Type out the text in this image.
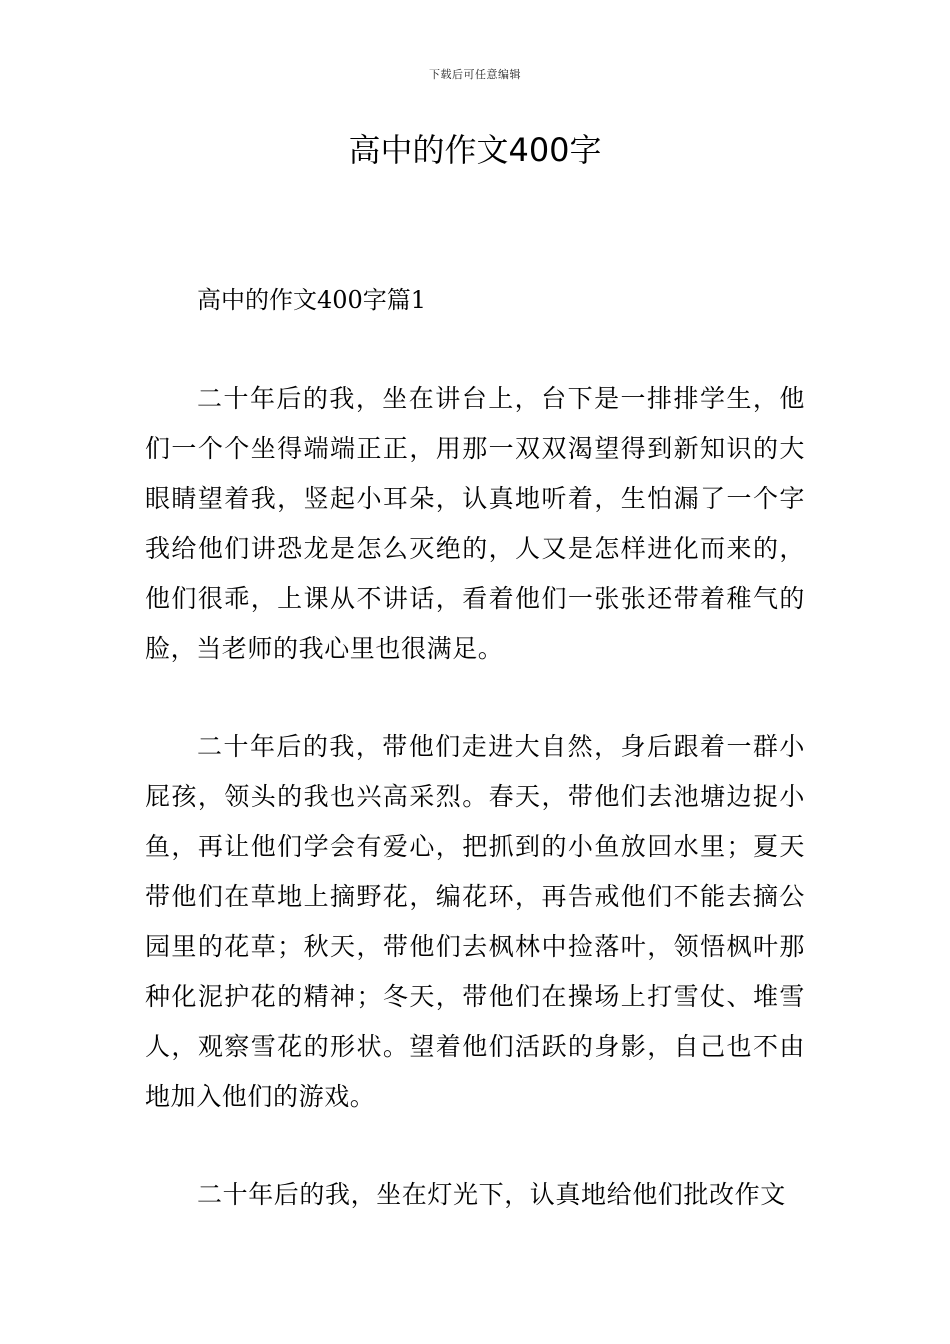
下载后可任意编辑
高中的作文400字
高中的作文400字篇1

二十年后的我，坐在讲台上，台下是一排排学生，他们一个个坐得端端正正，用那一双双渴望得到新知识的大眼睛望着我，竖起小耳朵，认真地听着，生怕漏了一个字我给他们讲恐龙是怎么灭绝的，人又是怎样进化而来的，他们很乖，上课从不讲话，看着他们一张张还带着稚气的脸，当老师的我心里也很满足。

二十年后的我，带他们走进大自然，身后跟着一群小屁孩，领头的我也兴高采烈。春天，带他们去池塘边捉小鱼，再让他们学会有爱心，把抓到的小鱼放回水里；夏天带他们在草地上摘野花，编花环，再告戒他们不能去摘公园里的花草；秋天，带他们去枫林中捡落叶，领悟枫叶那种化泥护花的精神；冬天，带他们在操场上打雪仗、堆雪人，观察雪花的形状。望着他们活跃的身影，自己也不由地加入他们的游戏。

二十年后的我，坐在灯光下，认真地给他们批改作文
